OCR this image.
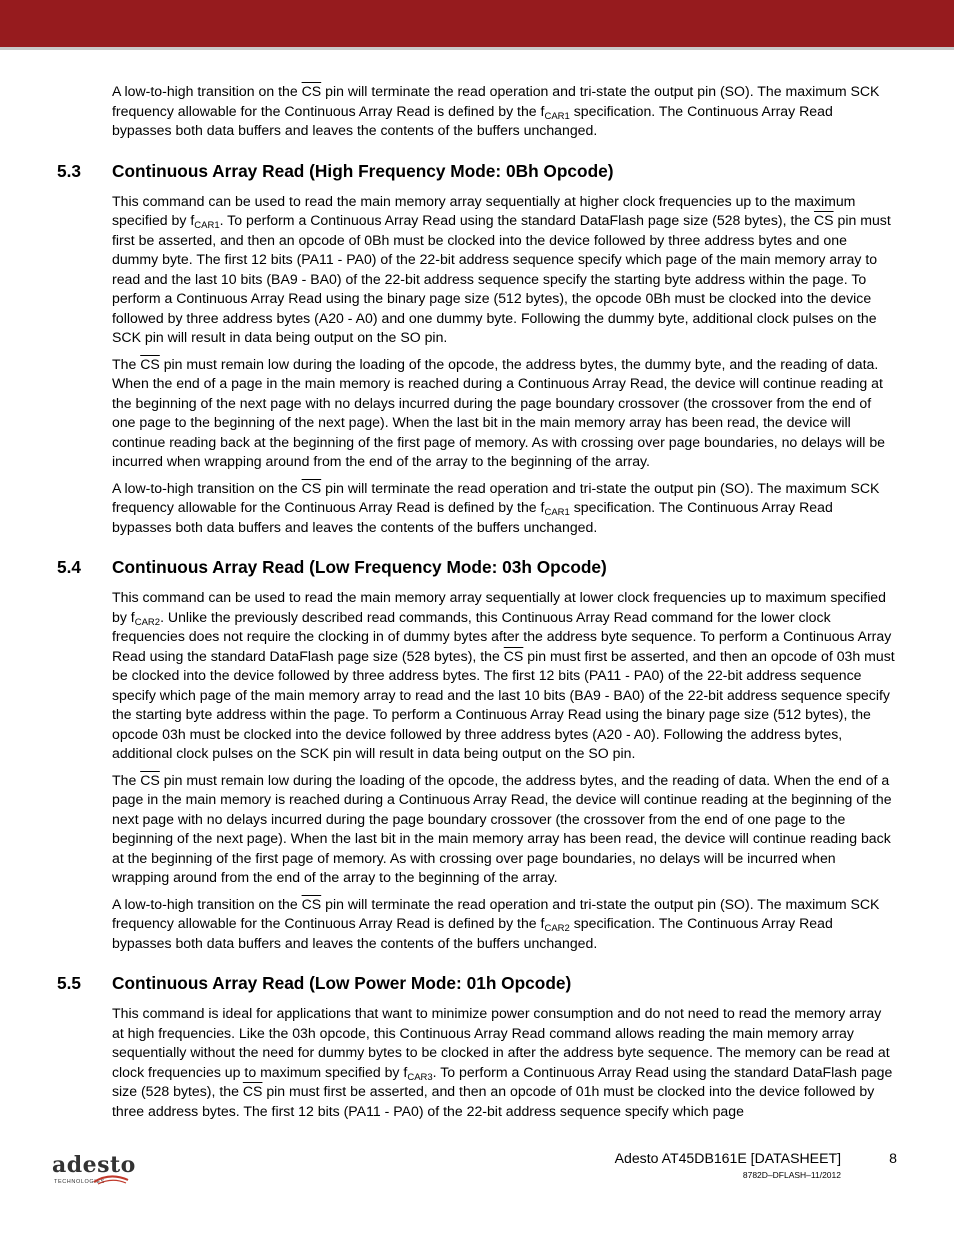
A low-to-high transition on the $\overline{CS}$ pin will terminate the read operation and tri-state the output pin (SO). The maximum SCK frequency allowable for the Continuous Array Read is defined by the $f_{CAR1}$ specification. The Continuous Array Read bypasses both data buffers and leaves the contents of the buffers unchanged.

5.3 Continuous Array Read (High Frequency Mode: 0Bh Opcode)

This command can be used to read the main memory array sequentially at higher clock frequencies up to the maximum specified by $f_{CAR1}$. To perform a Continuous Array Read using the standard DataFlash page size (528 bytes), the $\overline{CS}$ pin must first be asserted, and then an opcode of 0Bh must be clocked into the device followed by three address bytes and one dummy byte. The first 12 bits (PA11 - PA0) of the 22-bit address sequence specify which page of the main memory array to read and the last 10 bits (BA9 - BA0) of the 22-bit address sequence specify the starting byte address within the page. To perform a Continuous Array Read using the binary page size (512 bytes), the opcode 0Bh must be clocked into the device followed by three address bytes (A20 - A0) and one dummy byte. Following the dummy byte, additional clock pulses on the SCK pin will result in data being output on the SO pin.

The $\overline{CS}$ pin must remain low during the loading of the opcode, the address bytes, the dummy byte, and the reading of data. When the end of a page in the main memory is reached during a Continuous Array Read, the device will continue reading at the beginning of the next page with no delays incurred during the page boundary crossover (the crossover from the end of one page to the beginning of the next page). When the last bit in the main memory array has been read, the device will continue reading back at the beginning of the first page of memory. As with crossing over page boundaries, no delays will be incurred when wrapping around from the end of the array to the beginning of the array.

A low-to-high transition on the $\overline{CS}$ pin will terminate the read operation and tri-state the output pin (SO). The maximum SCK frequency allowable for the Continuous Array Read is defined by the $f_{CAR1}$ specification. The Continuous Array Read bypasses both data buffers and leaves the contents of the buffers unchanged.

5.4 Continuous Array Read (Low Frequency Mode: 03h Opcode)

This command can be used to read the main memory array sequentially at lower clock frequencies up to maximum specified by $f_{CAR2}$. Unlike the previously described read commands, this Continuous Array Read command for the lower clock frequencies does not require the clocking in of dummy bytes after the address byte sequence. To perform a Continuous Array Read using the standard DataFlash page size (528 bytes), the $\overline{CS}$ pin must first be asserted, and then an opcode of 03h must be clocked into the device followed by three address bytes. The first 12 bits (PA11 - PA0) of the 22-bit address sequence specify which page of the main memory array to read and the last 10 bits (BA9 - BA0) of the 22-bit address sequence specify the starting byte address within the page. To perform a Continuous Array Read using the binary page size (512 bytes), the opcode 03h must be clocked into the device followed by three address bytes (A20 - A0). Following the address bytes, additional clock pulses on the SCK pin will result in data being output on the SO pin.

The $\overline{CS}$ pin must remain low during the loading of the opcode, the address bytes, and the reading of data. When the end of a page in the main memory is reached during a Continuous Array Read, the device will continue reading at the beginning of the next page with no delays incurred during the page boundary crossover (the crossover from the end of one page to the beginning of the next page). When the last bit in the main memory array has been read, the device will continue reading back at the beginning of the first page of memory. As with crossing over page boundaries, no delays will be incurred when wrapping around from the end of the array to the beginning of the array.

A low-to-high transition on the $\overline{CS}$ pin will terminate the read operation and tri-state the output pin (SO). The maximum SCK frequency allowable for the Continuous Array Read is defined by the $f_{CAR2}$ specification. The Continuous Array Read bypasses both data buffers and leaves the contents of the buffers unchanged.

5.5 Continuous Array Read (Low Power Mode: 01h Opcode)

This command is ideal for applications that want to minimize power consumption and do not need to read the memory array at high frequencies. Like the 03h opcode, this Continuous Array Read command allows reading the main memory array sequentially without the need for dummy bytes to be clocked in after the address byte sequence. The memory can be read at clock frequencies up to maximum specified by $f_{CAR3}$. To perform a Continuous Array Read using the standard DataFlash page size (528 bytes), the $\overline{CS}$ pin must first be asserted, and then an opcode of 01h must be clocked into the device followed by three address bytes. The first 12 bits (PA11 - PA0) of the 22-bit address sequence specify which page

adesto
TECHNOLOGIES
Adesto AT45DB161E [DATASHEET]	8
8782D–DFLASH–11/2012
